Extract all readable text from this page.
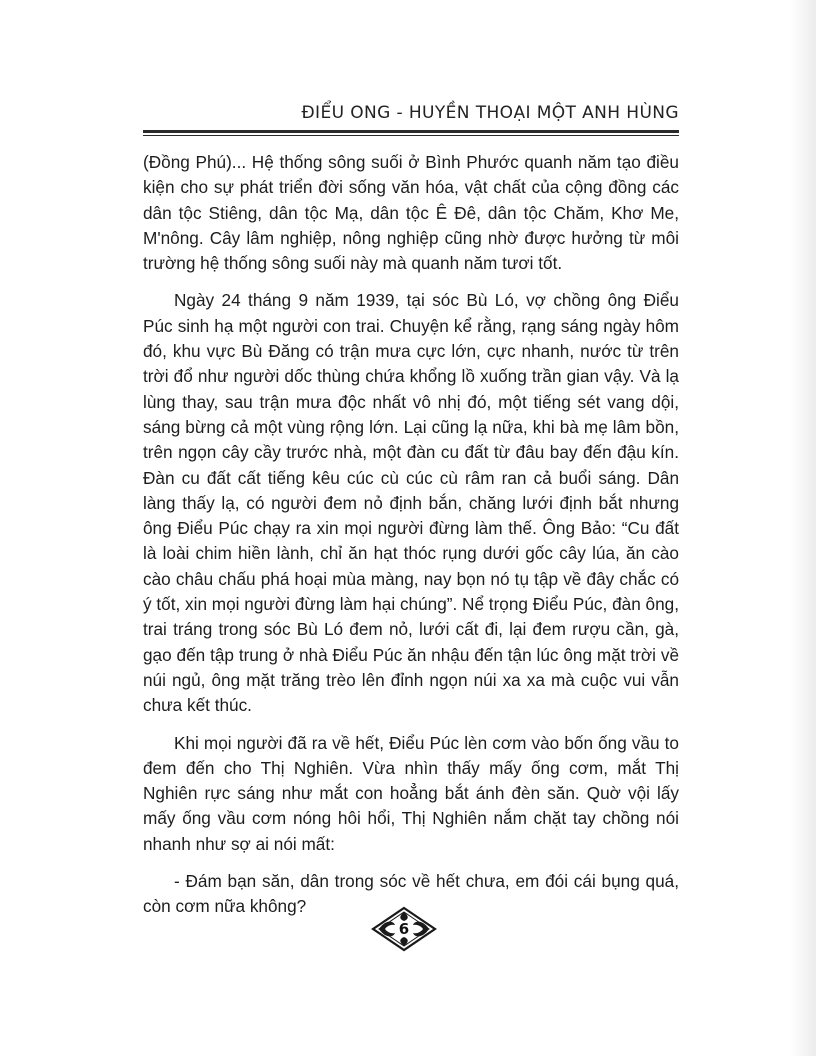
ĐIỂU ONG - HUYỀN THOẠI MỘT ANH HÙNG

(Đồng Phú)... Hệ thống sông suối ở Bình Phước quanh năm tạo điều kiện cho sự phát triển đời sống văn hóa, vật chất của cộng đồng các dân tộc Stiêng, dân tộc Mạ, dân tộc Ê Đê, dân tộc Chăm, Khơ Me, M'nông. Cây lâm nghiệp, nông nghiệp cũng nhờ được hưởng từ môi trường hệ thống sông suối này mà quanh năm tươi tốt.

Ngày 24 tháng 9 năm 1939, tại sóc Bù Ló, vợ chồng ông Điểu Púc sinh hạ một người con trai. Chuyện kể rằng, rạng sáng ngày hôm đó, khu vực Bù Đăng có trận mưa cực lớn, cực nhanh, nước từ trên trời đổ như người dốc thùng chứa khổng lồ xuống trần gian vậy. Và lạ lùng thay, sau trận mưa độc nhất vô nhị đó, một tiếng sét vang dội, sáng bừng cả một vùng rộng lớn. Lại cũng lạ nữa, khi bà mẹ lâm bồn, trên ngọn cây cầy trước nhà, một đàn cu đất từ đâu bay đến đậu kín. Đàn cu đất cất tiếng kêu cúc cù cúc cù râm ran cả buổi sáng. Dân làng thấy lạ, có người đem nỏ định bắn, chăng lưới định bắt nhưng ông Điểu Púc chạy ra xin mọi người đừng làm thế. Ông Bảo: “Cu đất là loài chim hiền lành, chỉ ăn hạt thóc rụng dưới gốc cây lúa, ăn cào cào châu chấu phá hoại mùa màng, nay bọn nó tụ tập về đây chắc có ý tốt, xin mọi người đừng làm hại chúng”. Nể trọng Điểu Púc, đàn ông, trai tráng trong sóc Bù Ló đem nỏ, lưới cất đi, lại đem rượu cần, gà, gạo đến tập trung ở nhà Điểu Púc ăn nhậu đến tận lúc ông mặt trời về núi ngủ, ông mặt trăng trèo lên đỉnh ngọn núi xa xa mà cuộc vui vẫn chưa kết thúc.

Khi mọi người đã ra về hết, Điểu Púc lèn cơm vào bốn ống vầu to đem đến cho Thị Nghiên. Vừa nhìn thấy mấy ống cơm, mắt Thị Nghiên rực sáng như mắt con hoẳng bắt ánh đèn săn. Quờ vội lấy mấy ống vầu cơm nóng hôi hổi, Thị Nghiên nắm chặt tay chồng nói nhanh như sợ ai nói mất:

- Đám bạn săn, dân trong sóc về hết chưa, em đói cái bụng quá, còn cơm nữa không?

6
